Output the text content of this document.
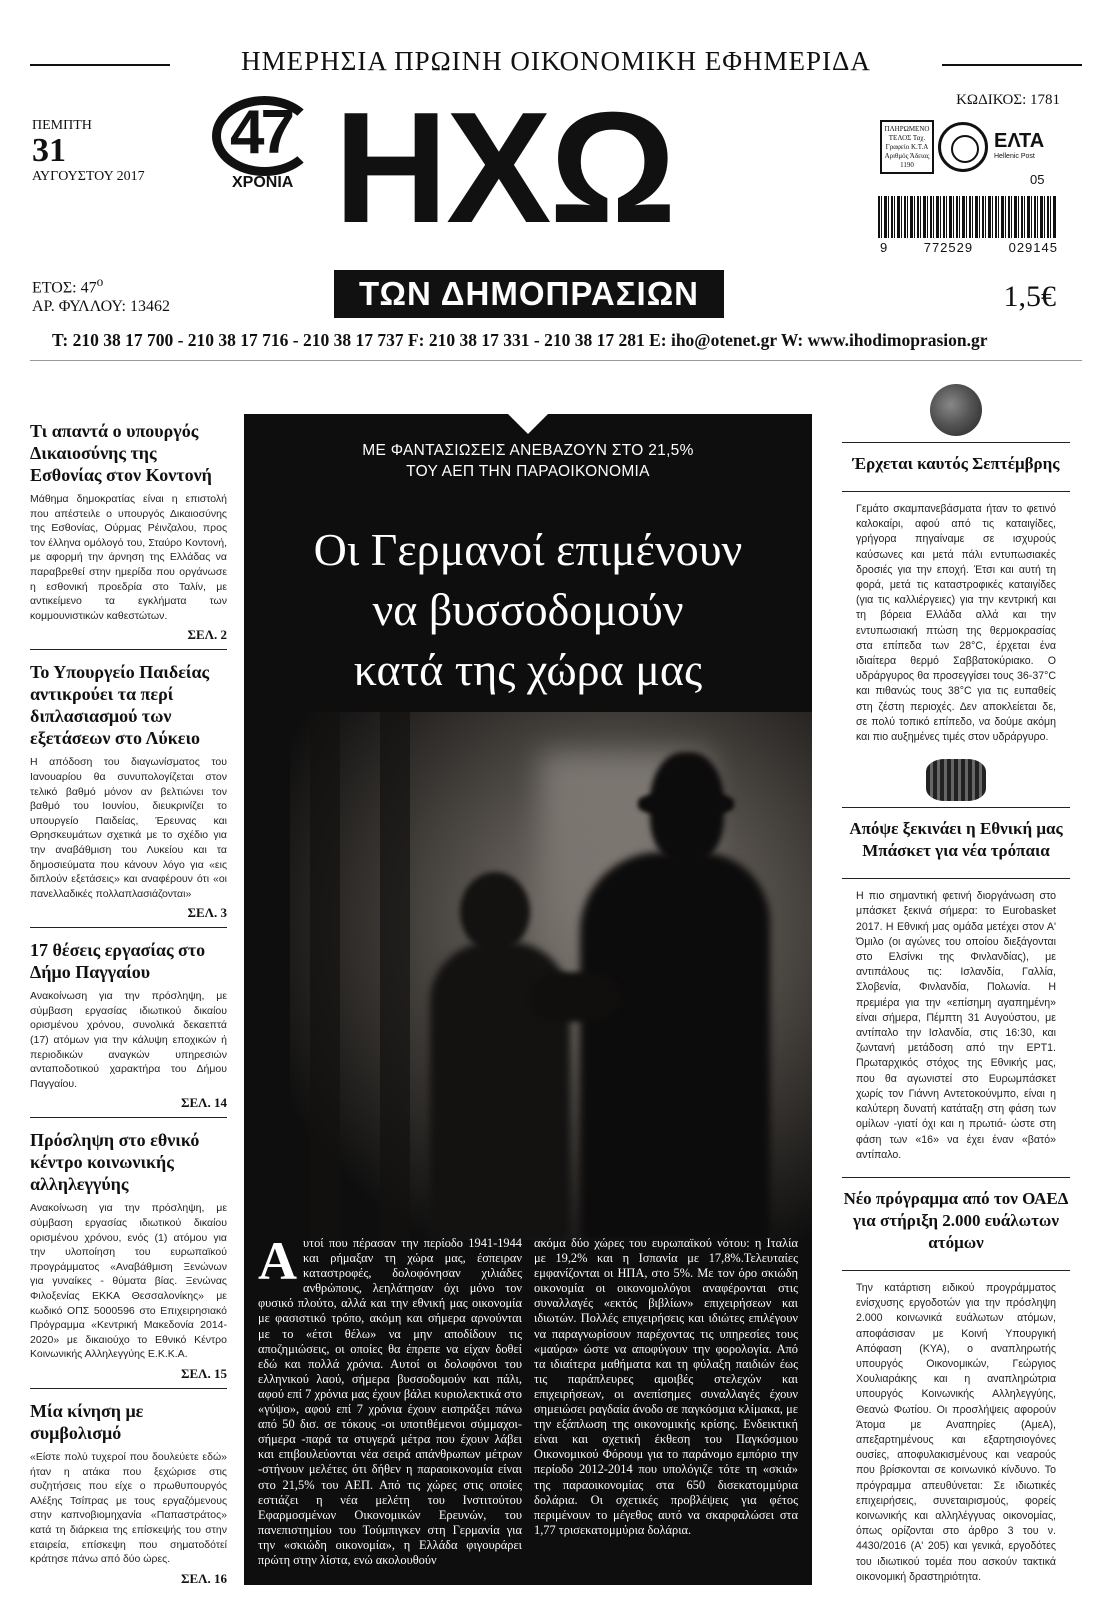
ΗΜΕΡΗΣΙΑ ΠΡΩΙΝΗ ΟΙΚΟΝΟΜΙΚΗ ΕΦΗΜΕΡΙΔΑ
ΠΕΜΠΤΗ
31
ΑΥΓΟΥΣΤΟΥ 2017
ΕΤΟΣ: $47^o$
ΑΡ. ΦΥΛΛΟΥ: 13462
47
ΧΡΟΝΙΑ ΗΧΩ
ΤΩΝ ΔΗΜΟΠΡΑΣΙΩΝ
ΚΩΔΙΚΟΣ: 1781
ΠΛΗΡΩΜΕΝΟ ΤΕΛΟΣ Ταχ. Γραφείο Κ.Τ.Α Αριθμός Άδειας 1190
ΕΛΤΑ
Hellenic Post
05
9	772529	029145
1,5€
T: 210 38 17 700 - 210 38 17 716 - 210 38 17 737 F: 210 38 17 331 - 210 38 17 281 E: iho@otenet.gr W: www.ihodimoprasion.gr
Τι απαντά ο υπουργός Δικαιοσύνης της Εσθονίας στον Κοντονή

Μάθημα δημοκρατίας είναι η επιστολή που απέστειλε ο υπουργός Δικαιοσύνης της Εσθονίας, Ούρμας Ρέινζαλου, προς τον έλληνα ομόλογό του, Σταύρο Κοντονή, με αφορμή την άρνηση της Ελλάδας να παραβρεθεί στην ημερίδα που οργάνωσε η εσθονική προεδρία στο Ταλίν, με αντικείμενο τα εγκλήματα των κομμουνιστικών καθεστώτων.

ΣΕΛ. 2
Το Υπουργείο Παιδείας αντικρούει τα περί διπλασιασμού των εξετάσεων στο Λύκειο

Η απόδοση του διαγωνίσματος του Ιανουαρίου θα συνυπολογίζεται στον τελικό βαθμό μόνον αν βελτιώνει τον βαθμό του Ιουνίου, διευκρινίζει το υπουργείο Παιδείας, Έρευνας και Θρησκευμάτων σχετικά με το σχέδιο για την αναβάθμιση του Λυκείου και τα δημοσιεύματα που κάνουν λόγο για «εις διπλούν εξετάσεις» και αναφέρουν ότι «οι πανελλαδικές πολλαπλασιάζονται»

ΣΕΛ. 3
17 θέσεις εργασίας στο Δήμο Παγγαίου

Ανακοίνωση για την πρόσληψη, με σύμβαση εργασίας ιδιωτικού δικαίου ορισμένου χρόνου, συνολικά δεκαεπτά (17) ατόμων για την κάλυψη εποχικών ή περιοδικών αναγκών υπηρεσιών ανταποδοτικού χαρακτήρα του Δήμου Παγγαίου.

ΣΕΛ. 14
Πρόσληψη στο εθνικό κέντρο κοινωνικής αλληλεγγύης

Ανακοίνωση για την πρόσληψη, με σύμβαση εργασίας ιδιωτικού δικαίου ορισμένου χρόνου, ενός (1) ατόμου για την υλοποίηση του ευρωπαϊκού προγράμματος «Αναβάθμιση Ξενώνων για γυναίκες - θύματα βίας. Ξενώνας Φιλοξενίας ΕΚΚΑ Θεσσαλονίκης» με κωδικό ΟΠΣ 5000596 στο Επιχειρησιακό Πρόγραμμα «Κεντρική Μακεδονία 2014-2020» με δικαιούχο το Εθνικό Κέντρο Κοινωνικής Αλληλεγγύης Ε.Κ.Κ.Α.

ΣΕΛ. 15
Μία κίνηση με συμβολισμό

«Είστε πολύ τυχεροί που δουλεύετε εδώ» ήταν η ατάκα που ξεχώρισε στις συζητήσεις που είχε ο πρωθυπουργός Αλέξης Τσίπρας με τους εργαζόμενους στην καπνοβιομηχανία «Παπαστράτος» κατά τη διάρκεια της επίσκεψής του στην εταιρεία, επίσκεψη που σηματοδότεί κράτησε πάνω από δύο ώρες.

ΣΕΛ. 16
ΜΕ ΦΑΝΤΑΣΙΩΣΕΙΣ ΑΝΕΒΑΖΟΥΝ ΣΤΟ 21,5%
ΤΟΥ ΑΕΠ ΤΗΝ ΠΑΡΑΟΙΚΟΝΟΜΙΑ
Οι Γερμανοί επιμένουν
να βυσσοδομούν
κατά της χώρα μας
Αυτοί που πέρασαν την περίοδο 1941-1944 και ρήμαξαν τη χώρα μας, έσπειραν καταστροφές, δολοφόνησαν χιλιάδες ανθρώπους, λεηλάτησαν όχι μόνο τον φυσικό πλούτο, αλλά και την εθνική μας οικονομία με φασιστικό τρόπο, ακόμη και σήμερα αρνούνται με το «έτσι θέλω» να μην αποδίδουν τις αποζημιώσεις, οι οποίες θα έπρεπε να είχαν δοθεί εδώ και πολλά χρόνια. Αυτοί οι δολοφόνοι του ελληνικού λαού, σήμερα βυσσοδομούν και πάλι, αφού επί 7 χρόνια μας έχουν βάλει κυριολεκτικά στο «γύψο», αφού επί 7 χρόνια έχουν εισπράξει πάνω από 50 δισ. σε τόκους -οι υποτιθέμενοι σύμμαχοι- σήμερα -παρά τα στυγερά μέτρα που έχουν λάβει και επιβουλεύονται νέα σειρά απάνθρωπων μέτρων -στήνουν μελέτες ότι δήθεν η παραοικονομία είναι στο 21,5% του ΑΕΠ. Από τις χώρες στις οποίες εστιάζει η νέα μελέτη του Ινστιτούτου Εφαρμοσμένων Οικονομικών Ερευνών, του πανεπιστημίου του Τούμπιγκεν στη Γερμανία για την «σκιώδη οικονομία», η Ελλάδα φιγουράρει πρώτη στην λίστα, ενώ ακολουθούν
ακόμα δύο χώρες του ευρωπαϊκού νότου: η Ιταλία με 19,2% και η Ισπανία με 17,8%.Τελευταίες εμφανίζονται οι ΗΠΑ, στο 5%. Με τον όρο σκιώδη οικονομία οι οικονομολόγοι αναφέρονται στις συναλλαγές «εκτός βιβλίων» επιχειρήσεων και ιδιωτών. Πολλές επιχειρήσεις και ιδιώτες επιλέγουν να παραγνωρίσουν παρέχοντας τις υπηρεσίες τους «μαύρα» ώστε να αποφύγουν την φορολογία. Από τα ιδιαίτερα μαθήματα και τη φύλαξη παιδιών έως τις παράπλευρες αμοιβές στελεχών και επιχειρήσεων, οι ανεπίσημες συναλλαγές έχουν σημειώσει ραγδαία άνοδο σε παγκόσμια κλίμακα, με την εξάπλωση της οικονομικής κρίσης. Ενδεικτική είναι και σχετική έκθεση του Παγκόσμιου Οικονομικού Φόρουμ για το παράνομο εμπόριο την περίοδο 2012-2014 που υπολόγιζε τότε τη «σκιά» της παραοικονομίας στα 650 δισεκατομμύρια δολάρια. Οι σχετικές προβλέψεις για φέτος περιμένουν το μέγεθος αυτό να σκαρφαλώσει στα 1,77 τρισεκατομμύρια δολάρια.
Έρχεται καυτός Σεπτέμβρης

Γεμάτο σκαμπανεβάσματα ήταν το φετινό καλοκαίρι, αφού από τις καταιγίδες, γρήγορα πηγαίναμε σε ισχυρούς καύσωνες και μετά πάλι εντυπωσιακές δροσιές για την εποχή. Έτσι και αυτή τη φορά, μετά τις καταστροφικές καταιγίδες (για τις καλλιέργειες) για την κεντρική και τη βόρεια Ελλάδα αλλά και την εντυπωσιακή πτώση της θερμοκρασίας στα επίπεδα των 28°C, έρχεται ένα ιδιαίτερα θερμό Σαββατοκύριακο. Ο υδράργυρος θα προσεγγίσει τους 36-37°C και πιθανώς τους 38°C για τις ευπαθείς στη ζέστη περιοχές. Δεν αποκλείεται δε, σε πολύ τοπικό επίπεδο, να δούμε ακόμη και πιο αυξημένες τιμές στον υδράργυρο.

Απόψε ξεκινάει η Εθνική μας Μπάσκετ για νέα τρόπαια

Η πιο σημαντική φετινή διοργάνωση στο μπάσκετ ξεκινά σήμερα: το Eurobasket 2017. Η Εθνική μας ομάδα μετέχει στον Α' Όμιλο (οι αγώνες του οποίου διεξάγονται στο Ελσίνκι της Φινλανδίας), με αντιπάλους τις: Ισλανδία, Γαλλία, Σλοβενία, Φινλανδία, Πολωνία. Η πρεμιέρα για την «επίσημη αγαπημένη» είναι σήμερα, Πέμπτη 31 Αυγούστου, με αντίπαλο την Ισλανδία, στις 16:30, και ζωντανή μετάδοση από την ΕΡΤ1. Πρωταρχικός στόχος της Εθνικής μας, που θα αγωνιστεί στο Ευρωμπάσκετ χωρίς τον Γιάννη Αντετοκούνμπο, είναι η καλύτερη δυνατή κατάταξη στη φάση των ομίλων -γιατί όχι και η πρωτιά- ώστε στη φάση των «16» να έχει έναν «βατό» αντίπαλο.

Νέο πρόγραμμα από τον ΟΑΕΔ για στήριξη 2.000 ευάλωτων ατόμων

Την κατάρτιση ειδικού προγράμματος ενίσχυσης εργοδοτών για την πρόσληψη 2.000 κοινωνικά ευάλωτων ατόμων, αποφάσισαν με Κοινή Υπουργική Απόφαση (ΚΥΑ), ο αναπληρωτής υπουργός Οικονομικών, Γεώργιος Χουλιαράκης και η αναπληρώτρια υπουργός Κοινωνικής Αλληλεγγύης, Θεανώ Φωτίου. Οι προσλήψεις αφορούν Άτομα με Αναπηρίες (ΑμεΑ), απεξαρτημένους και εξαρτησιογόνες ουσίες, αποφυλακισμένους και νεαρούς που βρίσκονται σε κοινωνικό κίνδυνο. Το πρόγραμμα απευθύνεται: Σε ιδιωτικές επιχειρήσεις, συνεταιρισμούς, φορείς κοινωνικής και αλληλέγγυας οικονομίας, όπως ορίζονται στο άρθρο 3 του ν. 4430/2016 (Α' 205) και γενικά, εργοδότες του ιδιωτικού τομέα που ασκούν τακτικά οικονομική δραστηριότητα.
